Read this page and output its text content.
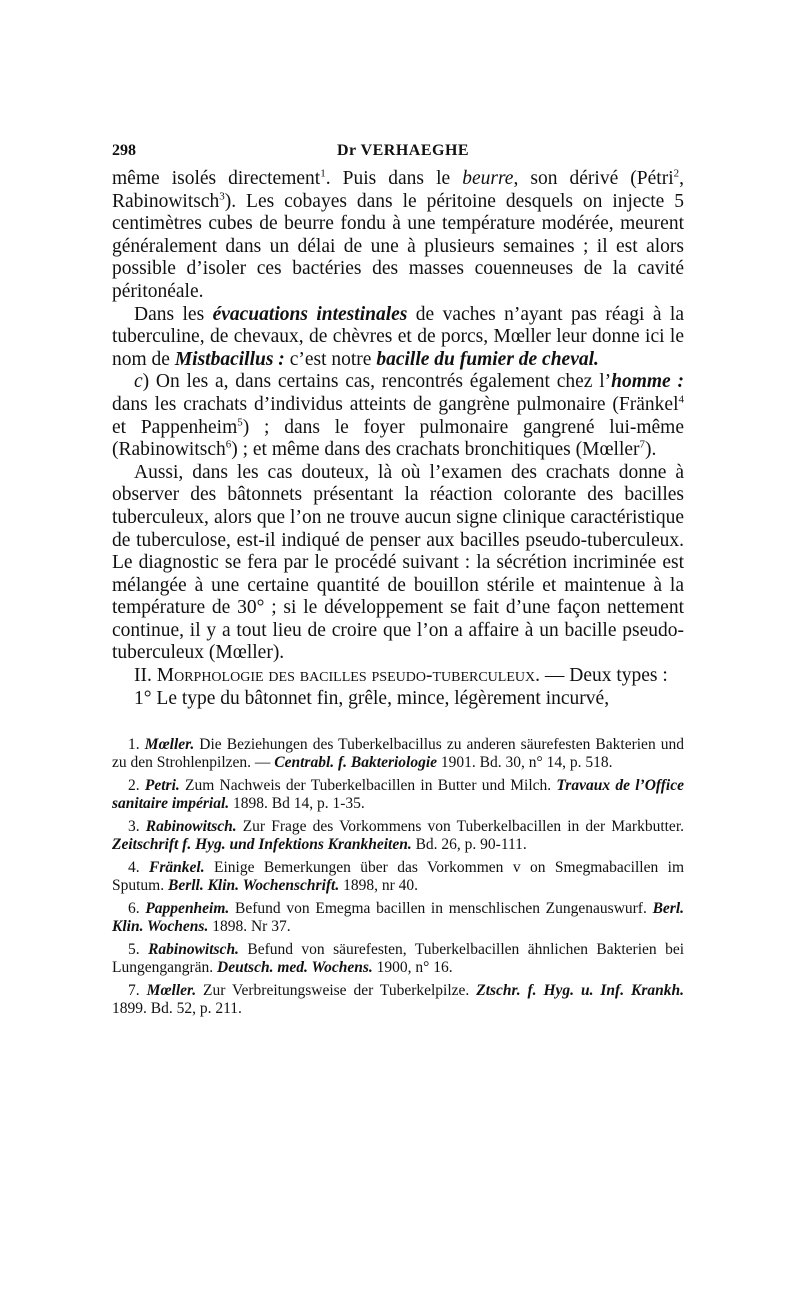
298	Dr VERHAEGHE

même isolés directement$^1$. Puis dans le beurre, son dérivé (Pétri$^2$, Rabinowitsch$^3$). Les cobayes dans le péritoine desquels on injecte 5 centimètres cubes de beurre fondu à une température modérée, meurent généralement dans un délai de une à plusieurs semaines ; il est alors possible d’isoler ces bactéries des masses couenneuses de la cavité péritonéale.

Dans les évacuations intestinales de vaches n’ayant pas réagi à la tuberculine, de chevaux, de chèvres et de porcs, Mœller leur donne ici le nom de Mistbacillus : c’est notre bacille du fumier de cheval.

c) On les a, dans certains cas, rencontrés également chez l’homme : dans les crachats d’individus atteints de gangrène pulmonaire (Fränkel$^4$ et Pappenheim$^5$) ; dans le foyer pulmonaire gangrené lui-même (Rabinowitsch$^6$) ; et même dans des crachats bronchitiques (Mœller$^7$).

Aussi, dans les cas douteux, là où l’examen des crachats donne à observer des bâtonnets présentant la réaction colorante des bacilles tuberculeux, alors que l’on ne trouve aucun signe clinique caractéristique de tuberculose, est-il indiqué de penser aux bacilles pseudo-tuberculeux. Le diagnostic se fera par le procédé suivant : la sécrétion incriminée est mélangée à une certaine quantité de bouillon stérile et maintenue à la température de 30° ; si le développement se fait d’une façon nettement continue, il y a tout lieu de croire que l’on a affaire à un bacille pseudo-tuberculeux (Mœller).

II. Morphologie des bacilles pseudo-tuberculeux. — Deux types :

1° Le type du bâtonnet fin, grêle, mince, légèrement incurvé,

1. Mœller. Die Beziehungen des Tuberkelbacillus zu anderen säurefesten Bakterien und zu den Strohlenpilzen. — Centrabl. f. Bakteriologie 1901. Bd. 30, n° 14, p. 518.

2. Petri. Zum Nachweis der Tuberkelbacillen in Butter und Milch. Travaux de l’Office sanitaire impérial. 1898. Bd 14, p. 1-35.

3. Rabinowitsch. Zur Frage des Vorkommens von Tuberkelbacillen in der Markbutter. Zeitschrift f. Hyg. und Infektions Krankheiten. Bd. 26, p. 90-111.

4. Fränkel. Einige Bemerkungen über das Vorkommen v on Smegmabacillen im Sputum. Berll. Klin. Wochenschrift. 1898, nr 40.

6. Pappenheim. Befund von Emegma bacillen in menschlischen Zungenauswurf. Berl. Klin. Wochens. 1898. Nr 37.

5. Rabinowitsch. Befund von säurefesten, Tuberkelbacillen ähnlichen Bakterien bei Lungengangrän. Deutsch. med. Wochens. 1900, n° 16.

7. Mœller. Zur Verbreitungsweise der Tuberkelpilze. Ztschr. f. Hyg. u. Inf. Krankh. 1899. Bd. 52, p. 211.
